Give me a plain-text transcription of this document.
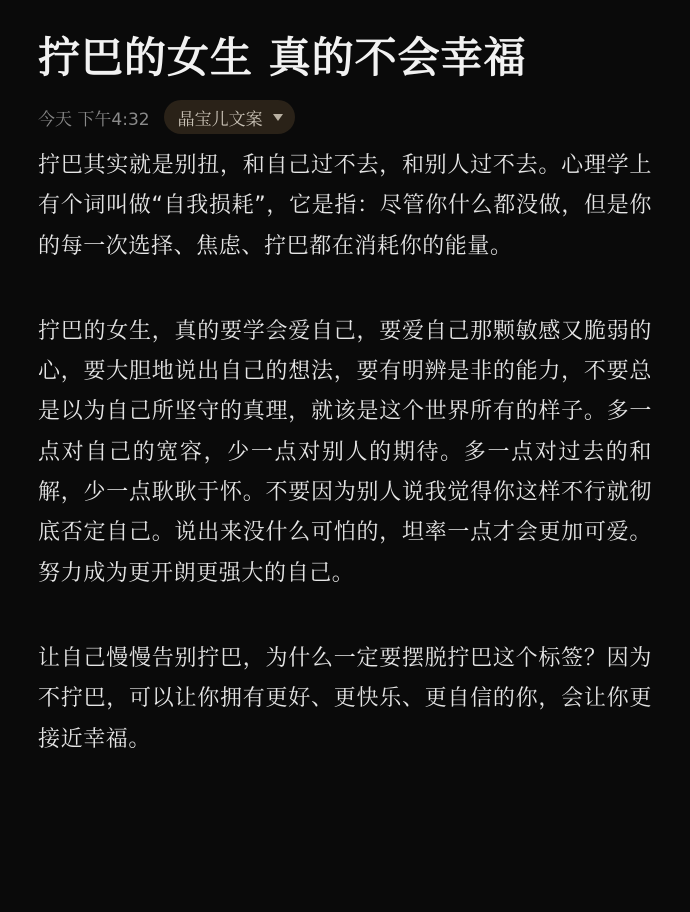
拧巴的女生 真的不会幸福
今天 下午4:32 晶宝儿文案

拧巴其实就是别扭，和自己过不去，和别人过不去。心理学上有个词叫做“自我损耗”，它是指：尽管你什么都没做，但是你的每一次选择、焦虑、拧巴都在消耗你的能量。

拧巴的女生，真的要学会爱自己，要爱自己那颗敏感又脆弱的心，要大胆地说出自己的想法，要有明辨是非的能力，不要总是以为自己所坚守的真理，就该是这个世界所有的样子。多一点对自己的宽容，少一点对别人的期待。多一点对过去的和解，少一点耿耿于怀。不要因为别人说我觉得你这样不行就彻底否定自己。说出来没什么可怕的，坦率一点才会更加可爱。努力成为更开朗更强大的自己。

让自己慢慢告别拧巴，为什么一定要摆脱拧巴这个标签？因为不拧巴，可以让你拥有更好、更快乐、更自信的你，会让你更接近幸福。
